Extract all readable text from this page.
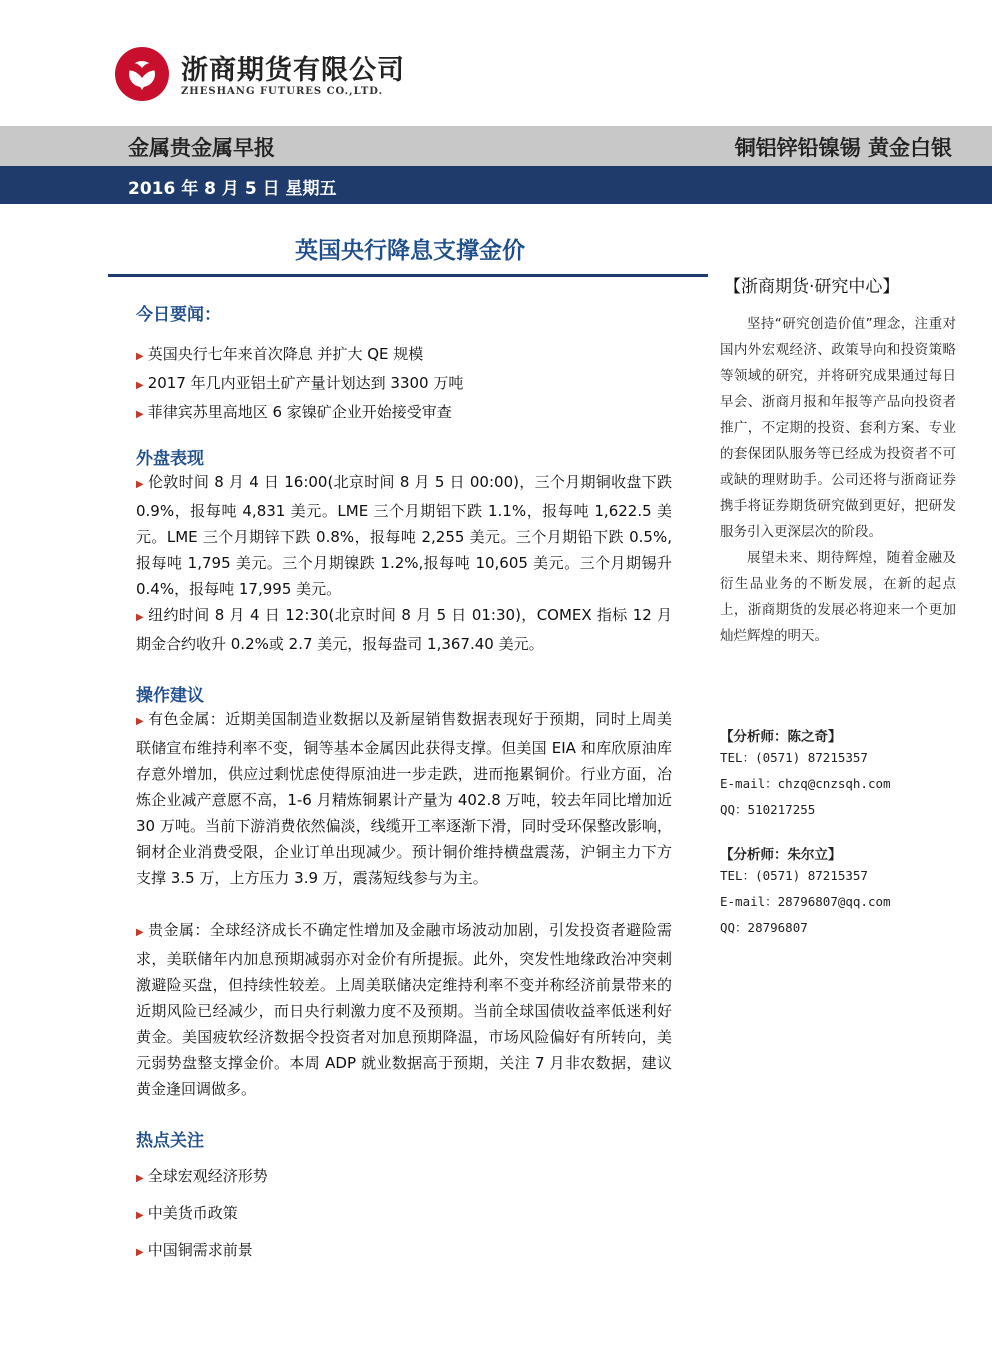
浙商期货有限公司
ZHESHANG FUTURES CO.,LTD.
金属贵金属早报	铜铝锌铅镍锡 黄金白银
2016 年 8 月 5 日 星期五
英国央行降息支撑金价

今日要闻：

▶ 英国央行七年来首次降息 并扩大 QE 规模

▶ 2017 年几内亚铝土矿产量计划达到 3300 万吨

▶ 菲律宾苏里高地区 6 家镍矿企业开始接受审查

外盘表现

▶ 伦敦时间 8 月 4 日 16:00(北京时间 8 月 5 日 00:00)，三个月期铜收盘下跌 0.9%，报每吨 4,831 美元。LME 三个月期铝下跌 1.1%，报每吨 1,622.5 美元。LME 三个月期锌下跌 0.8%，报每吨 2,255 美元。三个月期铅下跌 0.5%,报每吨 1,795 美元。三个月期镍跌 1.2%,报每吨 10,605 美元。三个月期锡升 0.4%，报每吨 17,995 美元。

▶ 纽约时间 8 月 4 日 12:30(北京时间 8 月 5 日 01:30)，COMEX 指标 12 月期金合约收升 0.2%或 2.7 美元，报每盎司 1,367.40 美元。

操作建议

▶ 有色金属：近期美国制造业数据以及新屋销售数据表现好于预期，同时上周美联储宣布维持利率不变，铜等基本金属因此获得支撑。但美国 EIA 和库欣原油库存意外增加，供应过剩忧虑使得原油进一步走跌，进而拖累铜价。行业方面，冶炼企业减产意愿不高，1-6 月精炼铜累计产量为 402.8 万吨，较去年同比增加近 30 万吨。当前下游消费依然偏淡，线缆开工率逐渐下滑，同时受环保整改影响，铜材企业消费受限，企业订单出现减少。预计铜价维持横盘震荡，沪铜主力下方支撑 3.5 万，上方压力 3.9 万，震荡短线参与为主。

▶ 贵金属：全球经济成长不确定性增加及金融市场波动加剧，引发投资者避险需求，美联储年内加息预期减弱亦对金价有所提振。此外，突发性地缘政治冲突刺激避险买盘，但持续性较差。上周美联储决定维持利率不变并称经济前景带来的近期风险已经减少，而日央行刺激力度不及预期。当前全球国债收益率低迷利好黄金。美国疲软经济数据令投资者对加息预期降温，市场风险偏好有所转向，美元弱势盘整支撑金价。本周 ADP 就业数据高于预期，关注 7 月非农数据，建议黄金逢回调做多。

热点关注

▶ 全球宏观经济形势

▶ 中美货币政策

▶ 中国铜需求前景

【浙商期货·研究中心】

坚持“研究创造价值”理念，注重对国内外宏观经济、政策导向和投资策略等领域的研究，并将研究成果通过每日早会、浙商月报和年报等产品向投资者推广，不定期的投资、套利方案、专业的套保团队服务等已经成为投资者不可或缺的理财助手。公司还将与浙商证券携手将证券期货研究做到更好，把研发服务引入更深层次的阶段。

展望未来、期待辉煌，随着金融及衍生品业务的不断发展，在新的起点上，浙商期货的发展必将迎来一个更加灿烂辉煌的明天。

【分析师：陈之奇】

TEL：(0571) 87215357

E-mail：chzq@cnzsqh.com

QQ：510217255

【分析师：朱尔立】

TEL：(0571) 87215357

E-mail：28796807@qq.com

QQ：28796807
